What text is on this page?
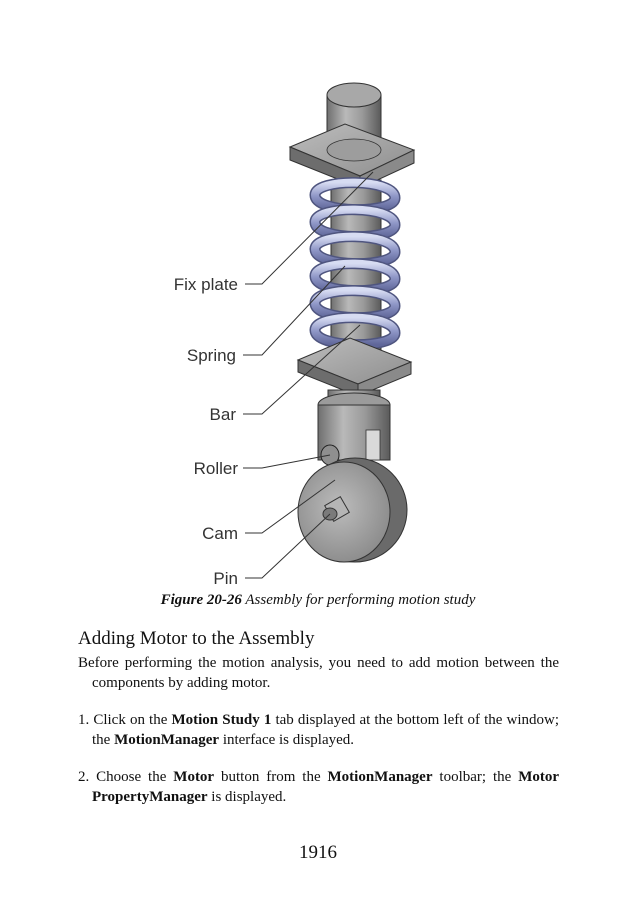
Fix plate
Spring
Bar
Roller
Cam
Pin
Figure 20-26 Assembly for performing motion study
Adding Motor to the Assembly
Before performing the motion analysis, you need to add motion between the components by adding motor.
1. Click on the Motion Study 1 tab displayed at the bottom left of the window; the MotionManager interface is displayed.
2. Choose the Motor button from the MotionManager toolbar; the Motor PropertyManager is displayed.
1916
